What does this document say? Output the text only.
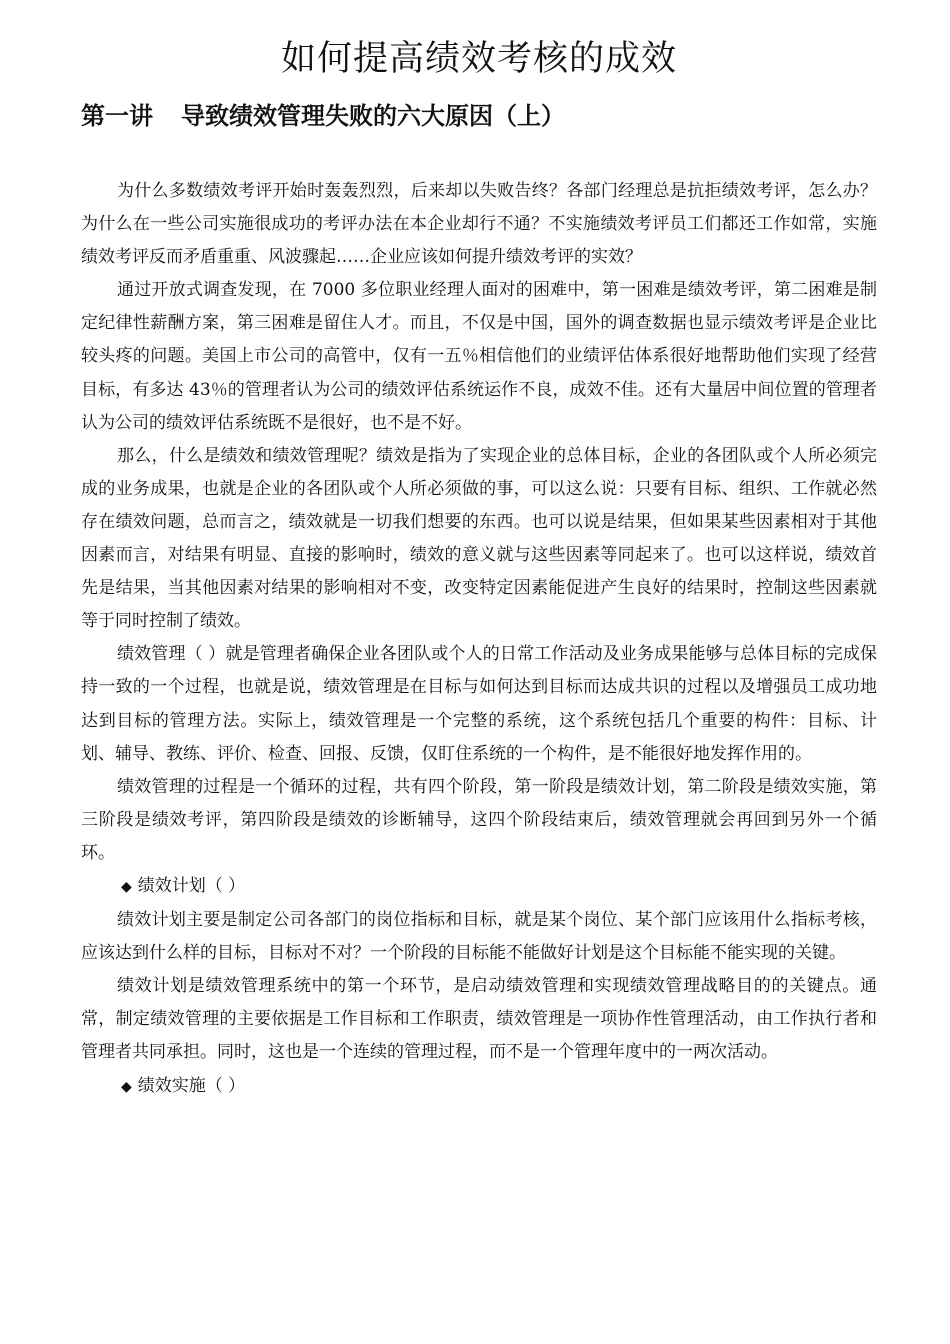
如何提高绩效考核的成效
第一讲 导致绩效管理失败的六大原因（上）

为什么多数绩效考评开始时轰轰烈烈，后来却以失败告终？各部门经理总是抗拒绩效考评，怎么办？为什么在一些公司实施很成功的考评办法在本企业却行不通？不实施绩效考评员工们都还工作如常，实施绩效考评反而矛盾重重、风波骤起……企业应该如何提升绩效考评的实效？

通过开放式调查发现，在 7000 多位职业经理人面对的困难中，第一困难是绩效考评，第二困难是制定纪律性薪酬方案，第三困难是留住人才。而且，不仅是中国，国外的调查数据也显示绩效考评是企业比较头疼的问题。美国上市公司的高管中，仅有一五％相信他们的业绩评估体系很好地帮助他们实现了经营目标，有多达 43％的管理者认为公司的绩效评估系统运作不良，成效不佳。还有大量居中间位置的管理者认为公司的绩效评估系统既不是很好，也不是不好。

那么，什么是绩效和绩效管理呢？绩效是指为了实现企业的总体目标，企业的各团队或个人所必须完成的业务成果，也就是企业的各团队或个人所必须做的事，可以这么说：只要有目标、组织、工作就必然存在绩效问题，总而言之，绩效就是一切我们想要的东西。也可以说是结果，但如果某些因素相对于其他因素而言，对结果有明显、直接的影响时，绩效的意义就与这些因素等同起来了。也可以这样说，绩效首先是结果，当其他因素对结果的影响相对不变，改变特定因素能促进产生良好的结果时，控制这些因素就等于同时控制了绩效。

绩效管理（ ）就是管理者确保企业各团队或个人的日常工作活动及业务成果能够与总体目标的完成保持一致的一个过程，也就是说，绩效管理是在目标与如何达到目标而达成共识的过程以及增强员工成功地达到目标的管理方法。实际上，绩效管理是一个完整的系统，这个系统包括几个重要的构件：目标、计划、辅导、教练、评价、检查、回报、反馈，仅盯住系统的一个构件，是不能很好地发挥作用的。

绩效管理的过程是一个循环的过程，共有四个阶段，第一阶段是绩效计划，第二阶段是绩效实施，第三阶段是绩效考评，第四阶段是绩效的诊断辅导，这四个阶段结束后，绩效管理就会再回到另外一个循环。

◆ 绩效计划（ ）

绩效计划主要是制定公司各部门的岗位指标和目标，就是某个岗位、某个部门应该用什么指标考核，应该达到什么样的目标，目标对不对？一个阶段的目标能不能做好计划是这个目标能不能实现的关键。

绩效计划是绩效管理系统中的第一个环节，是启动绩效管理和实现绩效管理战略目的的关键点。通常，制定绩效管理的主要依据是工作目标和工作职责，绩效管理是一项协作性管理活动，由工作执行者和管理者共同承担。同时，这也是一个连续的管理过程，而不是一个管理年度中的一两次活动。

◆ 绩效实施（ ）
